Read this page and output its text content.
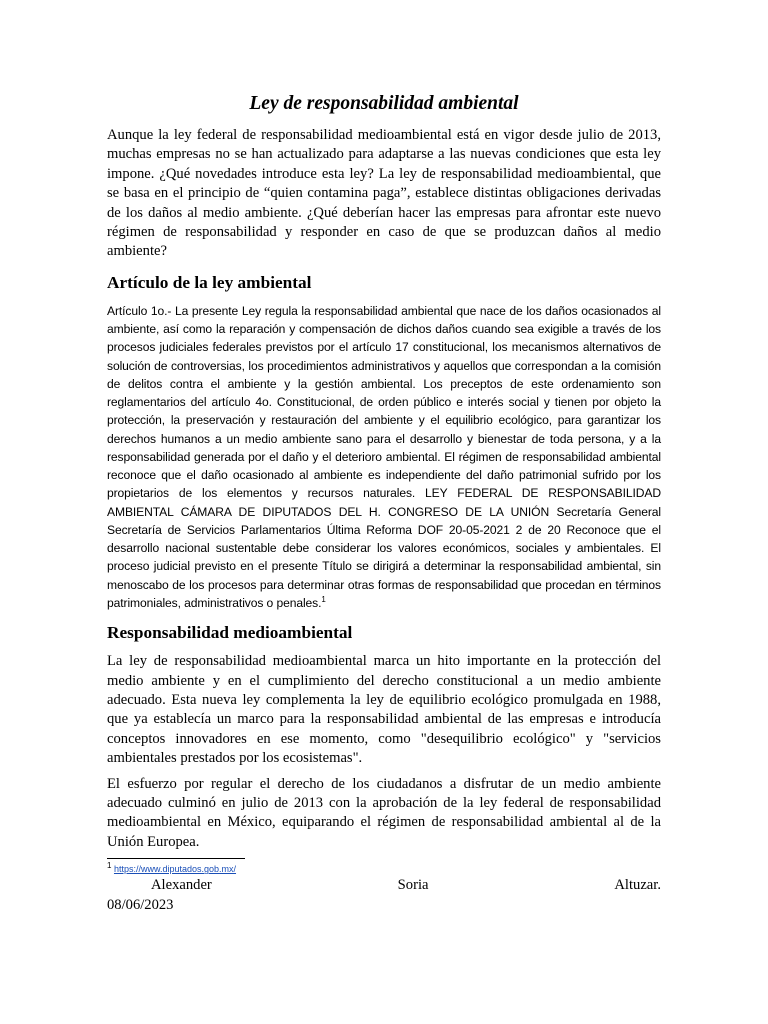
Ley de responsabilidad ambiental

Aunque la ley federal de responsabilidad medioambiental está en vigor desde julio de 2013, muchas empresas no se han actualizado para adaptarse a las nuevas condiciones que esta ley impone. ¿Qué novedades introduce esta ley? La ley de responsabilidad medioambiental, que se basa en el principio de “quien contamina paga”, establece distintas obligaciones derivadas de los daños al medio ambiente. ¿Qué deberían hacer las empresas para afrontar este nuevo régimen de responsabilidad y responder en caso de que se produzcan daños al medio ambiente?

Artículo de la ley ambiental

Artículo 1o.- La presente Ley regula la responsabilidad ambiental que nace de los daños ocasionados al ambiente, así como la reparación y compensación de dichos daños cuando sea exigible a través de los procesos judiciales federales previstos por el artículo 17 constitucional, los mecanismos alternativos de solución de controversias, los procedimientos administrativos y aquellos que correspondan a la comisión de delitos contra el ambiente y la gestión ambiental. Los preceptos de este ordenamiento son reglamentarios del artículo 4o. Constitucional, de orden público e interés social y tienen por objeto la protección, la preservación y restauración del ambiente y el equilibrio ecológico, para garantizar los derechos humanos a un medio ambiente sano para el desarrollo y bienestar de toda persona, y a la responsabilidad generada por el daño y el deterioro ambiental. El régimen de responsabilidad ambiental reconoce que el daño ocasionado al ambiente es independiente del daño patrimonial sufrido por los propietarios de los elementos y recursos naturales. LEY FEDERAL DE RESPONSABILIDAD AMBIENTAL CÁMARA DE DIPUTADOS DEL H. CONGRESO DE LA UNIÓN Secretaría General Secretaría de Servicios Parlamentarios Última Reforma DOF 20-05-2021 2 de 20 Reconoce que el desarrollo nacional sustentable debe considerar los valores económicos, sociales y ambientales. El proceso judicial previsto en el presente Título se dirigirá a determinar la responsabilidad ambiental, sin menoscabo de los procesos para determinar otras formas de responsabilidad que procedan en términos patrimoniales, administrativos o penales.$^1$

Responsabilidad medioambiental

La ley de responsabilidad medioambiental marca un hito importante en la protección del medio ambiente y en el cumplimiento del derecho constitucional a un medio ambiente adecuado. Esta nueva ley complementa la ley de equilibrio ecológico promulgada en 1988, que ya establecía un marco para la responsabilidad ambiental de las empresas e introducía conceptos innovadores en ese momento, como "desequilibrio ecológico" y "servicios ambientales prestados por los ecosistemas".

El esfuerzo por regular el derecho de los ciudadanos a disfrutar de un medio ambiente adecuado culminó en julio de 2013 con la aprobación de la ley federal de responsabilidad medioambiental en México, equiparando el régimen de responsabilidad ambiental al de la Unión Europea.

1 https://www.diputados.gob.mx/

Alexander	Soria	Altuzar.

08/06/2023
